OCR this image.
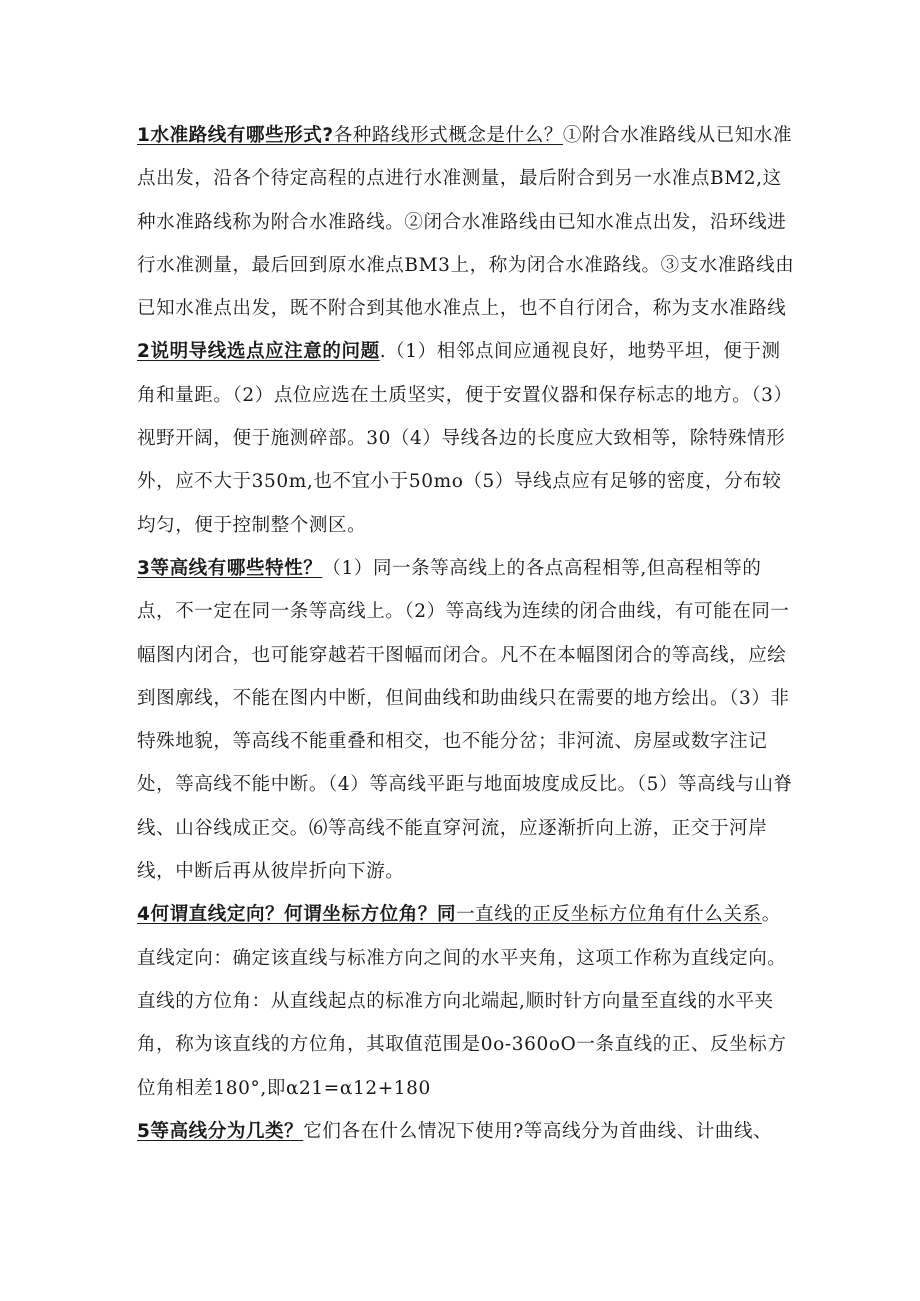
1水准路线有哪些形式?各种路线形式概念是什么？①附合水准路线从已知水准点出发，沿各个待定高程的点进行水准测量，最后附合到另一水准点BM2,这种水准路线称为附合水准路线。②闭合水准路线由已知水准点出发，沿环线进行水准测量，最后回到原水准点BM3上，称为闭合水准路线。③支水准路线由已知水准点出发，既不附合到其他水准点上，也不自行闭合，称为支水准路线2说明导线选点应注意的问题.（1）相邻点间应通视良好，地势平坦，便于测角和量距。（2）点位应选在土质坚实，便于安置仪器和保存标志的地方。（3）视野开阔，便于施测碎部。30（4）导线各边的长度应大致相等，除特殊情形外，应不大于350m,也不宜小于50mo（5）导线点应有足够的密度，分布较均匀，便于控制整个测区。

3等高线有哪些特性？（1）同一条等高线上的各点高程相等,但高程相等的点，不一定在同一条等高线上。（2）等高线为连续的闭合曲线，有可能在同一幅图内闭合，也可能穿越若干图幅而闭合。凡不在本幅图闭合的等高线，应绘到图廓线，不能在图内中断，但间曲线和助曲线只在需要的地方绘出。（3）非特殊地貌，等高线不能重叠和相交，也不能分岔；非河流、房屋或数字注记处，等高线不能中断。（4）等高线平距与地面坡度成反比。（5）等高线与山脊线、山谷线成正交。⑹等高线不能直穿河流，应逐渐折向上游，正交于河岸线，中断后再从彼岸折向下游。

4何谓直线定向？何谓坐标方位角？同一直线的正反坐标方位角有什么关系。直线定向：确定该直线与标准方向之间的水平夹角，这项工作称为直线定向。直线的方位角：从直线起点的标准方向北端起,顺时针方向量至直线的水平夹角，称为该直线的方位角，其取值范围是0o-360oO一条直线的正、反坐标方位角相差180°,即α21=α12+180

5等高线分为几类？它们各在什么情况下使用?等高线分为首曲线、计曲线、
